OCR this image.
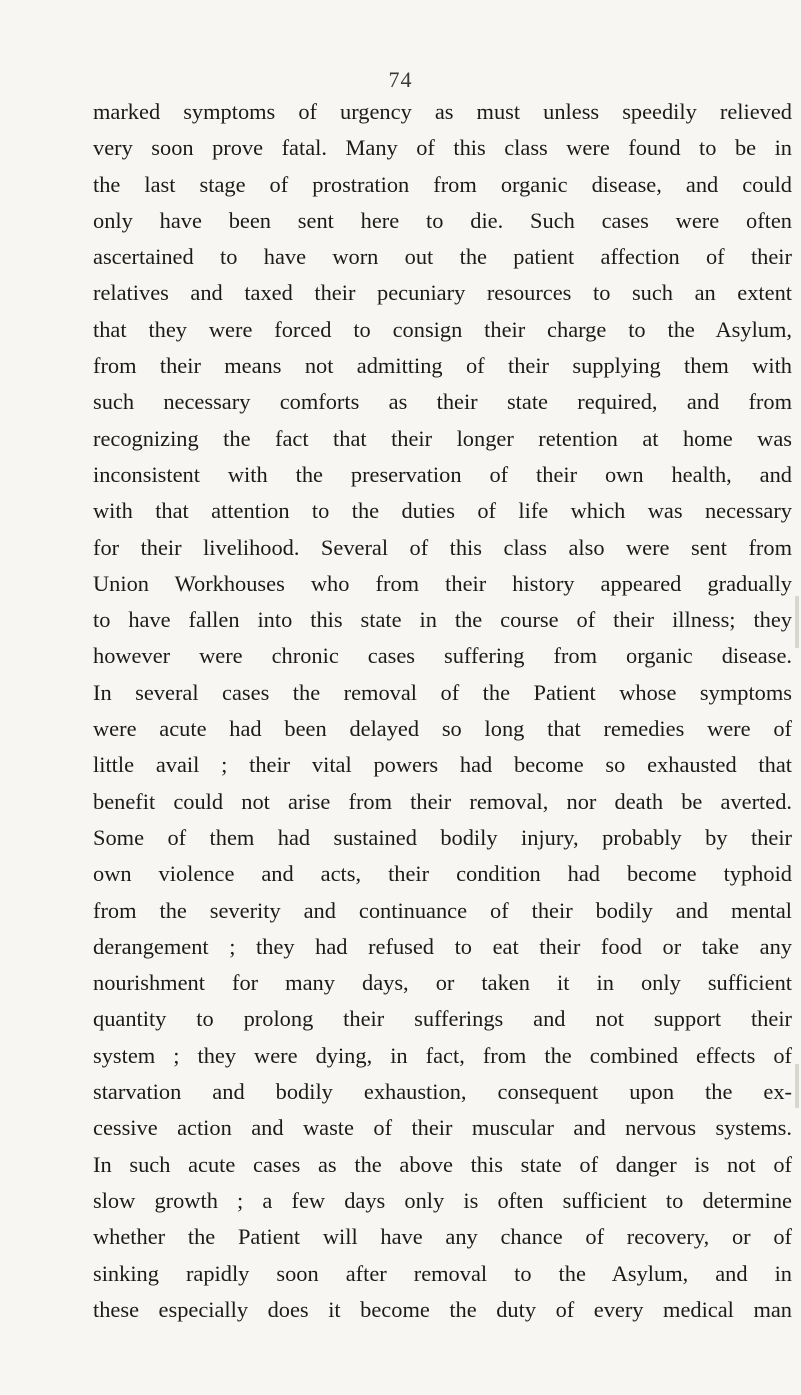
74
marked symptoms of urgency as must unless speedily relieved
very soon prove fatal. Many of this class were found to be in
the last stage of prostration from organic disease, and could
only have been sent here to die. Such cases were often
ascertained to have worn out the patient affection of their
relatives and taxed their pecuniary resources to such an extent
that they were forced to consign their charge to the Asylum,
from their means not admitting of their supplying them with
such necessary comforts as their state required, and from
recognizing the fact that their longer retention at home was
inconsistent with the preservation of their own health, and
with that attention to the duties of life which was necessary
for their livelihood. Several of this class also were sent from
Union Workhouses who from their history appeared gradually
to have fallen into this state in the course of their illness; they
however were chronic cases suffering from organic disease.
In several cases the removal of the Patient whose symptoms
were acute had been delayed so long that remedies were of
little avail ; their vital powers had become so exhausted that
benefit could not arise from their removal, nor death be averted.
Some of them had sustained bodily injury, probably by their
own violence and acts, their condition had become typhoid
from the severity and continuance of their bodily and mental
derangement ; they had refused to eat their food or take any
nourishment for many days, or taken it in only sufficient
quantity to prolong their sufferings and not support their
system ; they were dying, in fact, from the combined effects of
starvation and bodily exhaustion, consequent upon the ex-
cessive action and waste of their muscular and nervous systems.
In such acute cases as the above this state of danger is not of
slow growth ; a few days only is often sufficient to determine
whether the Patient will have any chance of recovery, or of
sinking rapidly soon after removal to the Asylum, and in
these especially does it become the duty of every medical man
